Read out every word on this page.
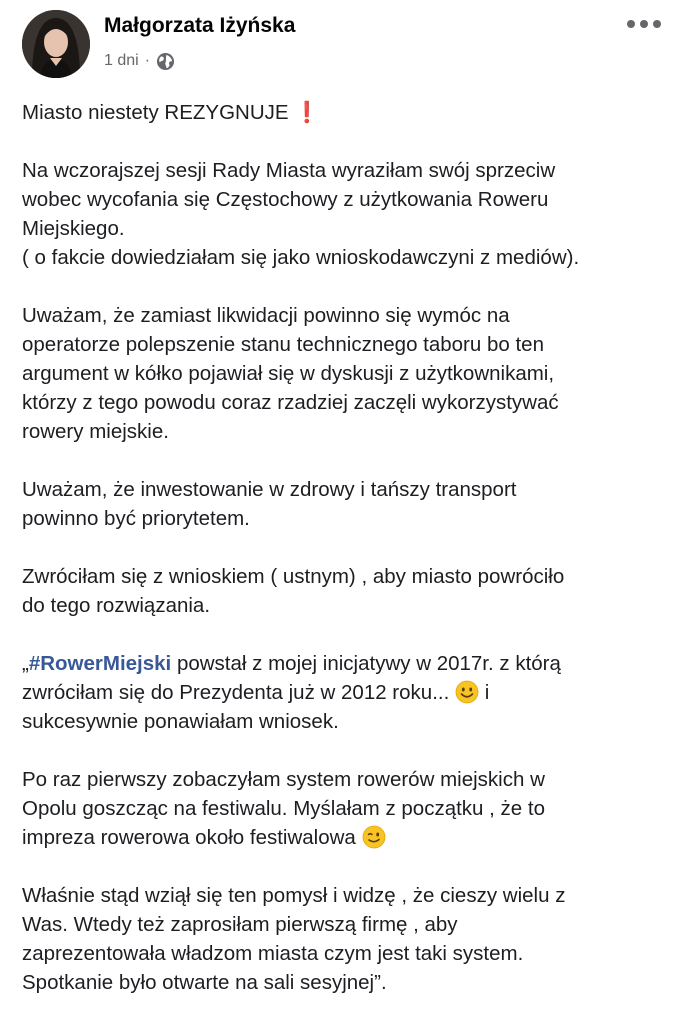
Małgorzata Iżyńska
1 dni ·

Miasto niestety REZYGNUJE ❗

Na wczorajszej sesji Rady Miasta wyraziłam swój sprzeciw
wobec wycofania się Częstochowy z użytkowania Roweru
Miejskiego.
( o fakcie dowiedziałam się jako wnioskodawczyni z mediów).

Uważam, że zamiast likwidacji powinno się wymóc na
operatorze polepszenie stanu technicznego taboru bo ten
argument w kółko pojawiał się w dyskusji z użytkownikami,
którzy z tego powodu coraz rzadziej zaczęli wykorzystywać
rowery miejskie.

Uważam, że inwestowanie w zdrowy i tańszy transport
powinno być priorytetem.

Zwróciłam się z wnioskiem ( ustnym) , aby miasto powróciło
do tego rozwiązania.

„#RowerMiejski powstał z mojej inicjatywy w 2017r. z którą
zwróciłam się do Prezydenta już w 2012 roku... i
sukcesywnie ponawiałam wniosek.

Po raz pierwszy zobaczyłam system rowerów miejskich w
Opolu goszcząc na festiwalu. Myślałam z początku , że to
impreza rowerowa około festiwalowa

Właśnie stąd wziął się ten pomysł i widzę , że cieszy wielu z
Was. Wtedy też zaprosiłam pierwszą firmę , aby
zaprezentowała władzom miasta czym jest taki system.
Spotkanie było otwarte na sali sesyjnej”.
